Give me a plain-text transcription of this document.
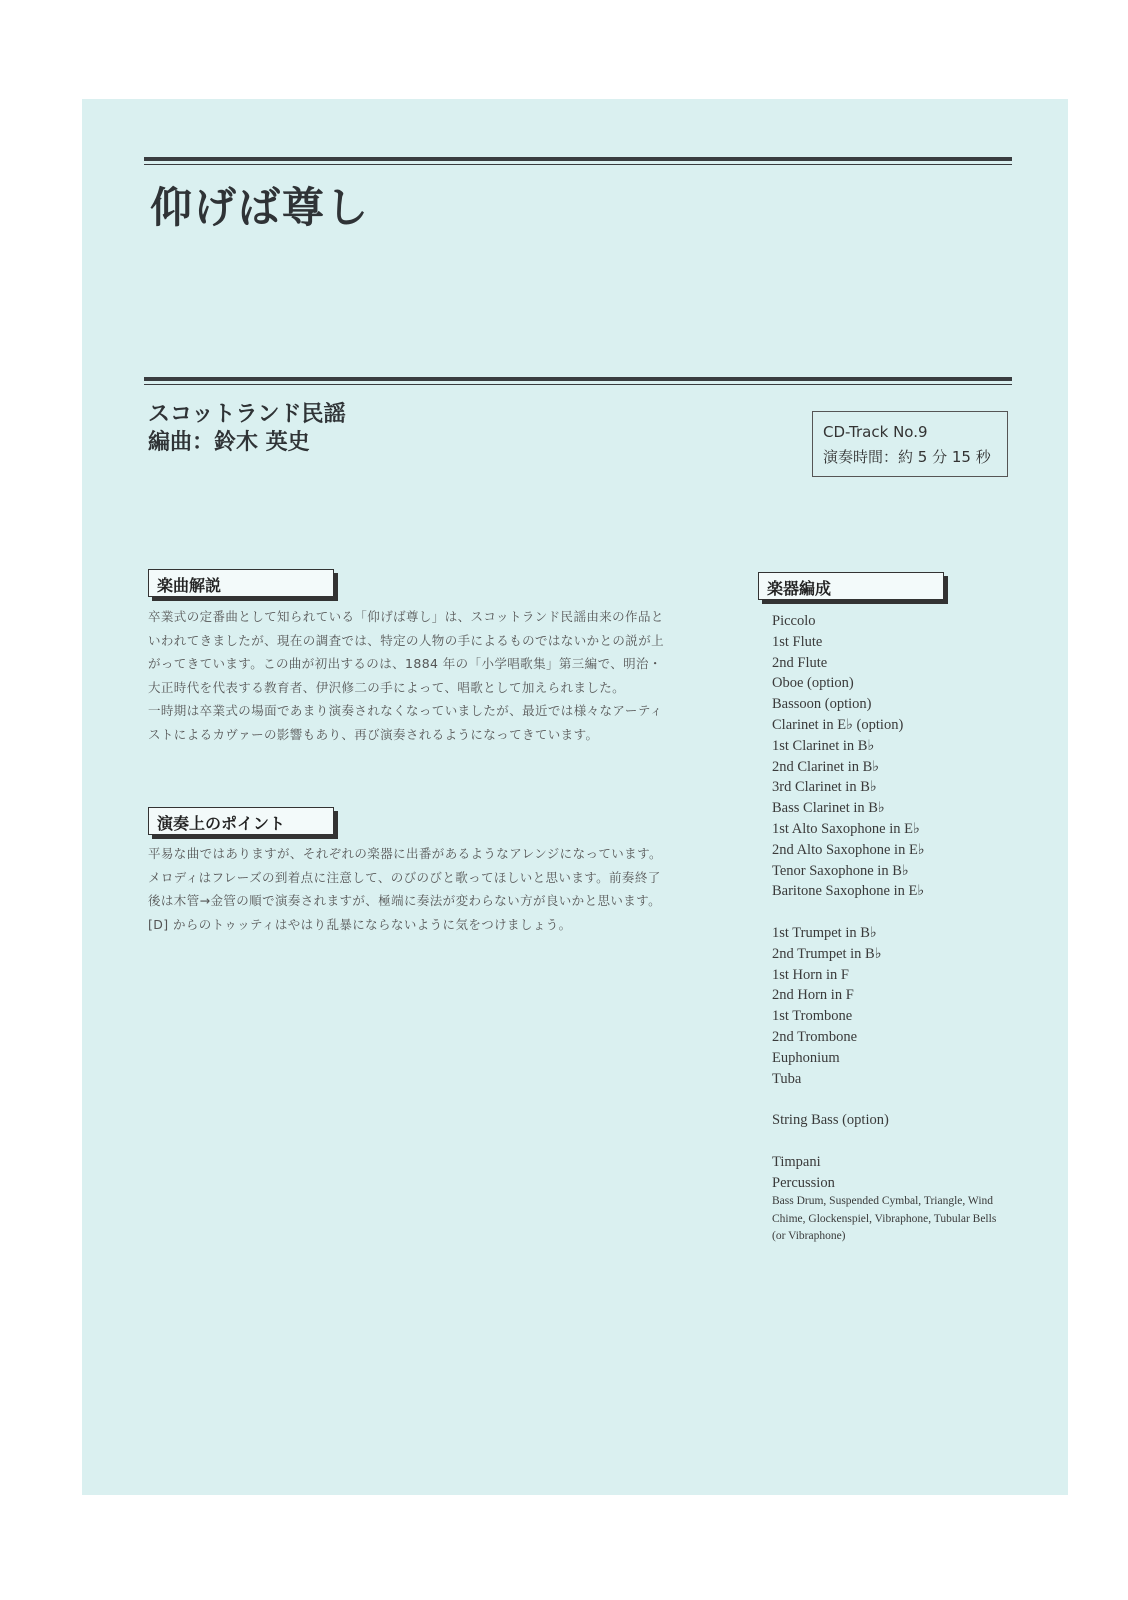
仰げば尊し
スコットランド民謡
編曲：鈴木 英史	CD-Track No.9
演奏時間：約 5 分 15 秒
楽曲解説

卒業式の定番曲として知られている「仰げば尊し」は、スコットランド民謡由来の作品といわれてきましたが、現在の調査では、特定の人物の手によるものではないかとの説が上がってきています。この曲が初出するのは、1884 年の「小学唱歌集」第三編で、明治・大正時代を代表する教育者、伊沢修二の手によって、唱歌として加えられました。

一時期は卒業式の場面であまり演奏されなくなっていましたが、最近では様々なアーティストによるカヴァーの影響もあり、再び演奏されるようになってきています。

演奏上のポイント

平易な曲ではありますが、それぞれの楽器に出番があるようなアレンジになっています。メロディはフレーズの到着点に注意して、のびのびと歌ってほしいと思います。前奏終了後は木管→金管の順で演奏されますが、極端に奏法が変わらない方が良いかと思います。[D] からのトゥッティはやはり乱暴にならないように気をつけましょう。

楽器編成
Piccolo
1st Flute
2nd Flute
Oboe (option)
Bassoon (option)
Clarinet in E♭ (option)
1st Clarinet in B♭
2nd Clarinet in B♭
3rd Clarinet in B♭
Bass Clarinet in B♭
1st Alto Saxophone in E♭
2nd Alto Saxophone in E♭
Tenor Saxophone in B♭
Baritone Saxophone in E♭
1st Trumpet in B♭
2nd Trumpet in B♭
1st Horn in F
2nd Horn in F
1st Trombone
2nd Trombone
Euphonium
Tuba
String Bass (option)
Timpani
Percussion
Bass Drum, Suspended Cymbal, Triangle, Wind Chime, Glockenspiel, Vibraphone, Tubular Bells (or Vibraphone)
